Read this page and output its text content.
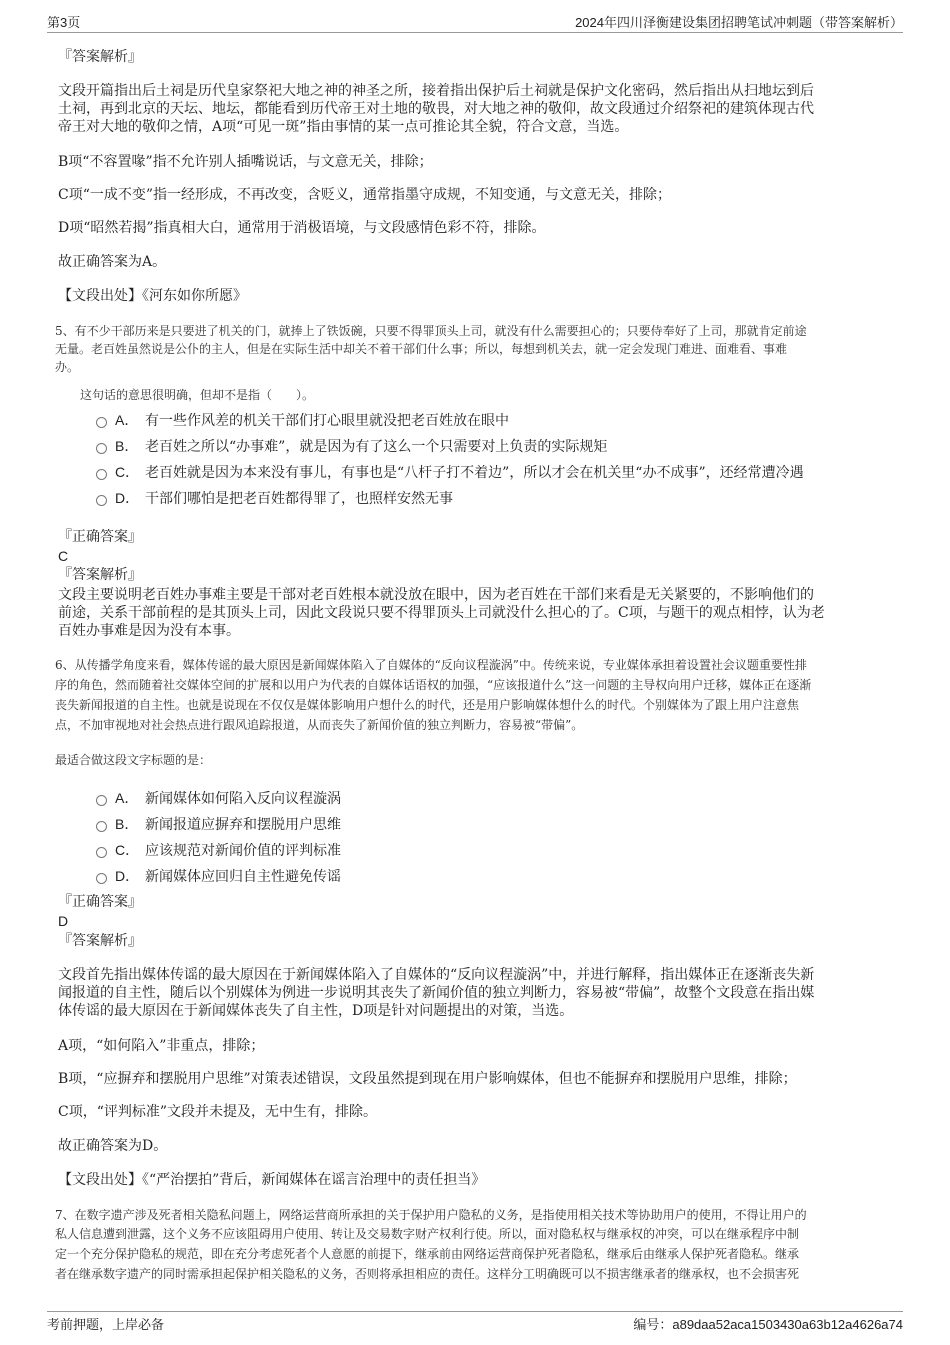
第3页	2024年四川泽衡建设集团招聘笔试冲刺题（带答案解析）
『答案解析』
文段开篇指出后土祠是历代皇家祭祀大地之神的神圣之所，接着指出保护后土祠就是保护文化密码，然后指出从扫地坛到后
土祠，再到北京的天坛、地坛，都能看到历代帝王对土地的敬畏，对大地之神的敬仰，故文段通过介绍祭祀的建筑体现古代
帝王对大地的敬仰之情，A项“可见一斑”指由事情的某一点可推论其全貌，符合文意，当选。
B项“不容置喙”指不允许别人插嘴说话，与文意无关，排除；
C项“一成不变”指一经形成，不再改变，含贬义，通常指墨守成规，不知变通，与文意无关，排除；
D项“昭然若揭”指真相大白，通常用于消极语境，与文段感情色彩不符，排除。
故正确答案为A。
【文段出处】《河东如你所愿》
5、有不少干部历来是只要进了机关的门，就捧上了铁饭碗，只要不得罪顶头上司，就没有什么需要担心的；只要侍奉好了上司，那就肯定前途
无量。老百姓虽然说是公仆的主人，但是在实际生活中却关不着干部们什么事；所以，每想到机关去，就一定会发现门难进、面难看、事难
办。
这句话的意思很明确，但却不是指（　　）。
A． 有一些作风差的机关干部们打心眼里就没把老百姓放在眼中
B． 老百姓之所以“办事难”，就是因为有了这么一个只需要对上负责的实际规矩
C． 老百姓就是因为本来没有事儿，有事也是“八杆子打不着边”，所以才会在机关里“办不成事”，还经常遭冷遇
D． 干部们哪怕是把老百姓都得罪了，也照样安然无事
『正确答案』
C
『答案解析』
文段主要说明老百姓办事难主要是干部对老百姓根本就没放在眼中，因为老百姓在干部们来看是无关紧要的，不影响他们的
前途，关系干部前程的是其顶头上司，因此文段说只要不得罪顶头上司就没什么担心的了。C项，与题干的观点相悖，认为老
百姓办事难是因为没有本事。
6、从传播学角度来看，媒体传谣的最大原因是新闻媒体陷入了自媒体的“反向议程漩涡”中。传统来说，专业媒体承担着设置社会议题重要性排
序的角色，然而随着社交媒体空间的扩展和以用户为代表的自媒体话语权的加强，“应该报道什么”这一问题的主导权向用户迁移，媒体正在逐渐
丧失新闻报道的自主性。也就是说现在不仅仅是媒体影响用户想什么的时代，还是用户影响媒体想什么的时代。个别媒体为了跟上用户注意焦
点，不加审视地对社会热点进行跟风追踪报道，从而丧失了新闻价值的独立判断力，容易被“带偏”。
最适合做这段文字标题的是：
A． 新闻媒体如何陷入反向议程漩涡
B． 新闻报道应摒弃和摆脱用户思维
C． 应该规范对新闻价值的评判标准
D． 新闻媒体应回归自主性避免传谣
『正确答案』
D
『答案解析』
文段首先指出媒体传谣的最大原因在于新闻媒体陷入了自媒体的“反向议程漩涡”中，并进行解释，指出媒体正在逐渐丧失新
闻报道的自主性，随后以个别媒体为例进一步说明其丧失了新闻价值的独立判断力，容易被“带偏”，故整个文段意在指出媒
体传谣的最大原因在于新闻媒体丧失了自主性，D项是针对问题提出的对策，当选。
A项，“如何陷入”非重点，排除；
B项，“应摒弃和摆脱用户思维”对策表述错误，文段虽然提到现在用户影响媒体，但也不能摒弃和摆脱用户思维，排除；
C项，“评判标准”文段并未提及，无中生有，排除。
故正确答案为D。
【文段出处】《“严治摆拍”背后，新闻媒体在谣言治理中的责任担当》
7、在数字遗产涉及死者相关隐私问题上，网络运营商所承担的关于保护用户隐私的义务，是指使用相关技术等协助用户的使用，不得让用户的
私人信息遭到泄露，这个义务不应该阻碍用户使用、转让及交易数字财产权利行使。所以，面对隐私权与继承权的冲突，可以在继承程序中制
定一个充分保护隐私的规范，即在充分考虑死者个人意愿的前提下，继承前由网络运营商保护死者隐私，继承后由继承人保护死者隐私。继承
者在继承数字遗产的同时需承担起保护相关隐私的义务，否则将承担相应的责任。这样分工明确既可以不损害继承者的继承权，也不会损害死
考前押题，上岸必备	编号：a89daa52aca1503430a63b12a4626a74
